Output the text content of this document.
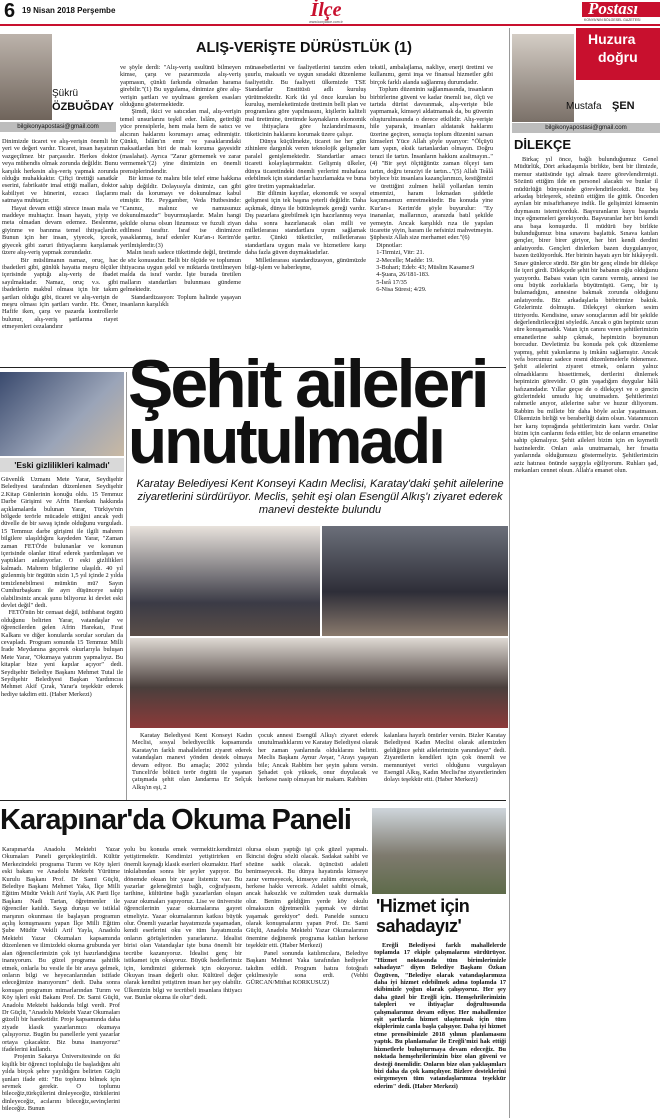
6 19 Nisan 2018 Perşembe	İlçe
www.konyailce.com.tr
Postası
KONYA'NIN BÖLGESEL GAZETESİ
Şükrü
ÖZBUĞDAY
bilgikonyapostasi@gmail.com
ALIŞ-VERİŞTE DÜRÜSTLÜK (1)
Dinimizde ticaret ve alış-verişin önemli bir yeri ve değeri vardır. Ticaret, insan hayatının vazgeçilmez bir parçasıdır. Herkes doktor veya mühendis olmak zorunda değildir. Bunu karşılık herkesin alış-veriş yapmak zorunda olduğu muhakkaktır. Çiftçi ürettiği sanatkâr eserini, fabrikatör imal ettiği malları, doktor kabiliyet ve hünerini, ezcacı ilaçlarını satmaya muhtaçtır.
Hayat devam ettiği sürece insan mala ve maddeye muhtaçtır. İnsan hayatı, yiyip ve meta olmadan devam edemez. Beslenme, giyinme ve barınma temel ihtiyaçlardır. Bunun için her insan, yiyecek, içecek, giyecek gibi zaruri ihtiyaçlarını karşılamak üzere alış-veriş yapmak zorundadır.
Bir müslümanın namaz, oruç, hac ibadetleri gibi, günlük hayatta meşru ölçüler içerisinde yaptığı alış-veriş de ibadet sayılmaktadır. Namaz, oruç v.s. gibi ibadetlerin makbul olması için bir takım şartları olduğu gibi, ticaret ve alış-verişin de meşru olması için şartları vardır. Hz. Ömer, Hafife iken, çarşı ve pazarda kontrollerle bulunur, alış-veriş şartlarına riayet etmeyenleri cezalandırır
ve şöyle derdi: "Alış-veriş usulünü bilmeyen kimse, çarşı ve pazarımızda alış-veriş yapmasın, çünkü farkında olmadan harama girebilir."(1) Bu uygulama, dinimize göre alış-verişin şartları ve uyulması gereken esasları olduğunu göstermektedir.
Şimdi, ikici ve satıcıdan mal, alış-verişin temel unsurlarını teşkil eder. İslâm, getirdiği yüce prensiplerle, hem mala hem de satıcı ve alıcının haklarını korumayı amaç edinmiştir. Çünkü, İslâm'ın emir ve yasaklarındaki maksatlardan biri de malı koruma gayesidir (maslahat). Ayrıca "Zarar görmemek ve zarar vermemek"(2) yine dinimizin en önemli prensiplerindendir.
Bir kimse öz malını bile telef etme hakkına sahip değildir. Dolayısıyla dinimiz, can gibi malı da korumayı ve dokunulmaz kabul etmiştir. Hz. Peygamber, Veda Hutbesinde: "Canınız, malınız ve namusunuz dokunulmazdır" buyurmuşlardır. Malın hangi şekilde olursa olsun lüzumsuz ve fuzuli ziyan edilmesi israftır. İsraf ise dinimizce yasaklanmış, israf edenler Kur'an-ı Kerim'de yerilmişlerdir.(3)
Malın israfı sadece tüketimde değil, üretimde de söz konusudur. Belli bir ölçüde ve toplumun ihtiyacına uygun şekil ve miktarda üretilmeyen malda da israf vardır. İşte burada üretilen malların standartları bulunması gündeme gelmektedir.
Standardizasyon: Toplum halinde yaşayan insanların karşılıklı
münasebetlerini ve faaliyetlerini tanzim eden şuurlu, maksatlı ve uygun sıradaki düzenleme faaliyetidir. Bu faaliyeti ülkemizde TSE Standartlar Enstitüsü adlı kuruluş yürütmektedir. Kırk iki yıl önce kurulan bu kuruluş, memleketimizde üretimin belli plan ve programlara göre yapılmasını, kişilerin kaliteli mal üretimine, üretimde kaynakların ekonomik ve ihtiyaçlara göre hızlandırılmasını, tüketicinin haklarını korumak üzere çalışır.
Dünya küçülmekte, ticaret ise her gün zihinlere dargınlık veren teknolojik gelişmeler paralel genişlemektedir. Standartlar amacı ticareti kolaylaştırmaktır. Gelişmiş ülkeler, dünya ticaretindeki önemli yerlerini muhafaza edebilmek için standartlar hazırlamakta ve buna göre üretim yapmaktadırlar.
Bir dilimin kayıtlar, ekonomik ve sosyal gelişmesi için tek başına yeterli değildir. Daha açıkmak, dünya ile bütünleşmek gereği vardır. Dış pazarlara girebilmek için hazırlanmış veya daha sonra hazırlanacak olan milli ve milletlerarası standartlara uyum sağlamak şarttır. Çünkü tüketiciler, milletlerarası standartlara uygun mala ve hizmetlere karşı daha fazla güven duymaktadırlar.
Milletlerarası standardizasyon, günümüzde bilgi-işlem ve haberleşme,
tekstil, ambalajlama, nakliye, enerji üretimi ve kullanımı, gemi inşa ve finansal hizmetler gibi birçok farklı alanda sağlanmış durumdadır.
Toplum düzeninin sağlanmasında, insanların birbirlerine güveni ve kadar önemli ise, ölçü ve tartıda dürüst davranmak, alış-verişte bile yapmamak, kimseyi aldatmamak da, bu güvenin oluşturulmasında o derece etkilidir. Alış-verişte hile yaparak, insanları aldatarak haklarını üzerine geçiren, sonuçta toplum düzenini sarsan kimseleri Yüce Allah şöyle uyarıyor: "Ölçüyü tam yapın, eksik tartanlardan olmayın. Doğru terazi ile tartın. İnsanların hakkını azaltmayın.."(4) "Bir şeyi ölçtüğünüz zaman ölçeyi tam tartın, doğru teraziyi ile tartın..."(5) Allah Teâlâ böylece biz insanlara kazançlarımızı, kestiğimizi ve ürettiğini zulmen helâl yollardan temin etmemizi, haram lokmadan şiddetle kaçınmamızı emretmektedir. Bu konuda yine Kur'an-ı Kerim'de şöyle buyurulur: "Ey inananlar, mallarınızı, aranızda batıl şekilde yemeyin. Ancak karşılıklı rıza ile yapılan ticarette yiyin, haram ile nefsinizi mahvetmeyin. Şüphesiz Allah size merhamet eder."(6)
Dipnotlar:
1-Tirmizi, Vitr: 21.
2-Mecelle; Madde: 19.
3-Buhari; Edeb: 43; Müslim Kasame:9
4-Şuara, 26/181-183.
5-İsrâ 17/35
6-Nisa Süresi; 4/29.
Huzura
doğru
Mustafa ŞEN
bilgikonyapostasi@gmail.com
DİLEKÇE
Birkaç yıl önce, bağlı bulunduğumuz Genel Müdürlük, Dört arkadaşımla birlikte, beni bir ilimizde, memur statüsünde işçi almak üzere görevlendirmişti. Sözünü ettiğim ilde en personel alacaktı ve bunlar il müdürlüğü bünyesinde görevlendirilecekti. Biz beş arkadaş birleşerek, sözünü ettiğim ile gittik. Önceden ayrılan bir misafirhaneye indik. İle gelişimizi kimsenin duymasını istemiyorduk. Başvuranların kuyu başında inçe eğmemeleri gerekiyordu. Başvuranlar her biri kendi ana başa konuşurdu. İl müdürü bey birlikte bulunduğumuz bina sınavını başlattık. Sınava katılan gençler, birer birer giriyor, her biri kendi derdini anlatıyordu. Gençleri dinlerken bazen duygulanıyor, bazen üzülüyorduk. Her birinin hayatı ayrı bir hikâyeydi. Sınav günlerce sürdü. Bir gün bir genç elinde bir dilekçe ile içeri girdi. Dilekçede şehit bir babanın oğlu olduğunu yazıyordu. Babası vatan için canını vermiş, annesi ise onu büyük zorluklarla büyütmüştü. Genç, bir iş bulamadığını, annesine bakmak zorunda olduğunu anlatıyordu. Biz arkadaşlarla birbirimize baktık. Gözlerimiz dolmuştu. Dilekçeyi okurken sesim titriyordu. Kendisine, sınav sonuçlarının adil bir şekilde değerlendirileceğini söyledik. Ancak o gün hepimiz uzun süre konuşamadık. Vatan için canını veren şehitlerimizin emanetlerine sahip çıkmak, hepimizin boynunun borcudur. Devletimiz bu konuda pek çok düzenleme yapmış, şehit yakınlarına iş imkânı sağlamıştır. Ancak vefa borcumuz sadece resmi düzenlemelerle ödenemez. Şehit ailelerini ziyaret etmek, onların yalnız olmadıklarını hissettirmek, dertlerini dinlemek hepimizin görevidir. O gün yaşadığım duygular hâlâ hafızamdadır. Yıllar geçse de o dilekçeyi ve o gencin gözlerindeki umudu hiç unutmadım. Şehitlerimizi rahmetle anıyor, ailelerine sabır ve huzur diliyorum. Rabbim bu millete bir daha böyle acılar yaşatmasın. Ülkemizin birliği ve beraberliği daim olsun. Vatanımızın her karış toprağında şehitlerimizin kanı vardır. Onlar bizim için canlarını feda ettiler, biz de onların emanetine sahip çıkmalıyız. Şehit aileleri bizim için en kıymetli hazinelerdir. Onları asla unutmamalı, her fırsatta yanlarında olduğumuzu göstermeliyiz. Şehitlerimizin aziz hatırası önünde saygıyla eğiliyorum. Ruhları şad, mekanları cennet olsun. Allah'a emanet olun.
Şehit aileleri
unutulmadı
Karatay Belediyesi Kent Konseyi Kadın Meclisi, Karatay'daki şehit ailelerine ziyaretlerini sürdürüyor. Meclis, şehit eşi olan Esengül Alkış'ı ziyaret ederek manevi destekte bulundu
'Eski gizlilikleri kalmadı'
Güvenlik Uzmanı Mete Yarar, Seydişehir Belediyesi tarafından düzenlenen Seydişehir 2.Kitap Günlerinin konuğu oldu. 15 Temmuz Darbe Girişimi ve Afrin Harekatı hakkında açıklamalarda bulunan Yarar, Türkiye'nin bölgede terörle mücadele ettiğini ancak yedi düvelle de bir savaş içinde olduğunu vurguladı. 15 Temmuz darbe girişimi ile ilgili mahrem bilgilere ulaşıldığını kaydeden Yarar, "Zaman zaman FETÖ'de bulunanlar ve konunun içerisinde olanlar itiraf ederek yardımlaşan ve yaptıkları anlatıyorlar. O eski gizlilikleri kalmadı. Mahrem bilgilerine ulaşıldı. 40 yıl gizlenmiş bir örgütün sizin 1,5 yıl içinde 2 yılda temizlenebilmesi mümkün mü? Sayın Cumhurbaşkanı ile ayrı düşünceye sahip olabilirsiniz ancak şunu biliyoruz ki devlet eski devlet değil" dedi.
FETÖ'nün bir cemaat değil, istihbarat örgütü olduğunu belirten Yarar, vatandaşlar ve öğrencilerden gelen Afrin Harekatı, Fırat Kalkanı ve diğer konularda sorular soruları da cevapladı. Program sonunda 15 Temmuz Milli İrade Meydanına geçerek okurlarıyla buluşan Mete Yarar, "Okumaya yatırım yapmalıyız. Bu kitaplar bize yeni kapılar açıyor" dedi. Seydişehir Belediye Başkanı Mehmet Tutal ile Seydişehir Belediyesi Başkan Yardımcısı Mehmet Akif Çırak, Yarar'a teşekkür ederek hediye takdim etti. (Haber Merkezi)
Karatay Belediyesi Kent Konseyi Kadın Meclisi, sosyal belediyecilik kapsamında Karatay'ın farklı mahallelerini ziyaret ederek vatandaşları manevi yönden destek olmaya devam ediyor. Bu amaçla; 2002 yılında Tunceli'de bölücü terör örgütü ile yaşanan çatışmada şehit olan Jandarma Er Selçuk Alkış'ın eşi, 2
çocuk annesi Esengül Alkış'ı ziyaret ederek unutulmadıklarını ve Karatay Belediyesi olarak her zaman yanlarında olduklarını belirtti. Meclis Başkanı Aynur Avşar, "Arayı yaşayan bile; Ancak Rabbim her şeyin şahını versin. Şehadet çok yüksek, onur duyulacak ve herkese nasip olmayan bir makam. Rabbim
kalanlara hayırlı ömürler versin. Bizler Karatay Belediyesi Kadın Meclisi olarak ailemizden geldiğince şehit ailelerimizin yanındayız" dedi. Ziyaretlerin kendileri için çok önemli ve memnuniyet verici olduğunu vurgulayan Esengül Alkış, Kadın Meclisi'ne ziyaretlerinden dolayı teşekkür etti. (Haber Merkezi)
Karapınar'da Okuma Paneli
Karapınar'da Anadolu Mektebi Yazar Okumaları Paneli gerçekleştirildi. Kültür Merkezindeki programa Turım ve Köy işleri eski bakanı ve Anadolu Mektebi Yürütme Kurulu Başkanı Prof. Dr Sami Güçlü, Belediye Başkanı Mehmet Yaka, İlçe Milli Eğitim Müdür Vekili Arif Yayla, AK Parti İlçe Başkanı Nadi Tartan, öğretmenler ile öğrenciler katıldı. Saygı duruşu ve istiklal marşının okunması ile başlayan programın açılış konuşmasını yapan İlçe Milli Eğitim Şube Müdür Vekili Arif Yayla, Anadolu Mektebi Yazar Okumaları kapsamında düzenlenen ve ilimizdeki okuma grubunda yer alan öğrencilerimizin çok iyi hazırlandığına inanıyorum. Bu güzel programa şahitlik etmek, onlarla bu vesile ile bir araya gelmek, onların bilgi ve heyecanlarından istifade edeceğimize inanıyorum" dedi. Daha sonra konuşan programın mimarlarından Turım ve Köy işleri eski Bakanı Prof. Dr. Sami Güçlü, Anadolu Mektebi hakkında bilgi verdi. Prof Dr Güçlü, "Anadolu Mektebi Yazar Okumaları güzelli bir hareketidir. Proje kapsamında daha ziyade klasik yazarlarımızı okumaya çalışıyoruz. Bugün bu panellerle yeni yazarlar ortaya çıkacaktır. Biz buna inanıyoruz" ifadelerini kullandı.
Projenin Sakarya Üniversitesinde on iki kişilik bir öğrenci topluluğu ile başladığını ahi yılda birçok şehre yayıldığını belirten Güçlü şunları ifade etti: "Bu toplumu bilmek için sevmek gerekir. O toplumu bileceğiz,türkçülerini dinleyeceğiz, türkülerini dinleyeceğiz, acılarını bileceğiz,sevinçlerini bileceğiz. Bunun
yolu bu konuda emek vermektir.kendimizi yetiştirmektir. Kendimizi yetiştirirken en önemli kaynağı klasik eserleri okumaktır. Harf inkılabından sonra bir şeyler yapıyor. Bu dönemde okuan bir yazar listemiz var. Bu yazarlar geleneğimizi bağlı, coğrafyasını, tarihine, kültürüne bağlı yazarlardan oluşan yazar okumaları yapıyoruz. Lise ve üniversite öğrencilerinin yazar okumalarına gayret etmeliyiz. Yazar okumalarının katkısı büyük olur. Önemli yazarlar hayatımızda yaşamadan, kendi eserlerini oku ve tüm hayatımızda onların görüşlerinden yararlanırız. İdealist birisi olan Vatandaşlar işte buna önemli bir tecrübe kazanıyoruz. İdealist genç bir istikamet için okuyoruz. Büyük hedeflerimiz için, kendimizi gidermek için okuyoruz. Okuyan insan değerli olur. Kültürel değer olarak kendini yetiştiren insan her şey olabilir. Ülkemizin bilgi ve tecrübeli insanlara ihtiyacı var. Bunlar okuma ile olur" dedi.
olursa olsun yaptığı işi çok güzel yapmalı. İkincisi doğru sözlü olacak. Sadakat sahibi ve sözüne sadık olacak. üçüncüsü adaleti benimseyecek. Bu dünya hayatında kimseye zarar vermeyecek, kimseye zulüm etmeyecek, herkese hakkı verecek. Adalet sahibi olmak, ancak haksızlık ve zulümden uzak durmakla olur. Benim geldiğim yerde köy okulu olmaksızın öğretmenlik yapmak ve dürüst yaşamak gerekiyor" dedi. Panelde sunucu olarak konuşmalarını yapan Prof. Dr. Sami Güçlü, Anadolu Mektebi Yazar Okumalarının önemine değinerek programa katılan herkese teşekkür etti. (Haber Merkezi)
Panel sonunda katılımcılara, Belediye Başkanı Mehmet Yaka tarafından hediyeler takdim edildi. Program hatıra fotoğrafı çekilmesiyle sona erdi. (Vehbi GÜRCAN/Mithat KORKUSUZ)
'Hizmet için
sahadayız'
Ereğli Belediyesi farklı mahallelerde toplamda 17 ekiple çalışmalarını sürdürüyor. "Hizmet noktasında tüm birimlerimizle sahadayız" diyen Belediye Başkanı Özkan Özgüven, "Belediye olarak vatandaşlarımıza daha iyi hizmet edebilmek adına toplamda 17 ekibimizle yoğun olarak çalışıyoruz. Her şey daha güzel bir Ereğli için. Hemşehrilerimizin talepleri ve ihtiyaçlar doğrultusunda çalışmalarımız devam ediyor. Her mahallemize eşit şartlarda hizmet ulaştırmak için tüm ekiplerimiz canla başla çalışıyor. Daha iyi hizmet etme prensibimizle 2018 yılının planlamasını yaptık. Bu planlamalar ile Ereğli'mizi hak ettiği hizmetlerle buluşturmaya devam edeceğiz. Bu noktada hemşehrilerimizin bize olan güveni ve desteği önemlidir. Onların bize olan yaklaşımları bizi daha da çok kamçılıyor. Bizlere desteklerini esirgemeyen tüm vatandaşlarımıza teşekkür ederim" dedi. (Haber Merkezi)
